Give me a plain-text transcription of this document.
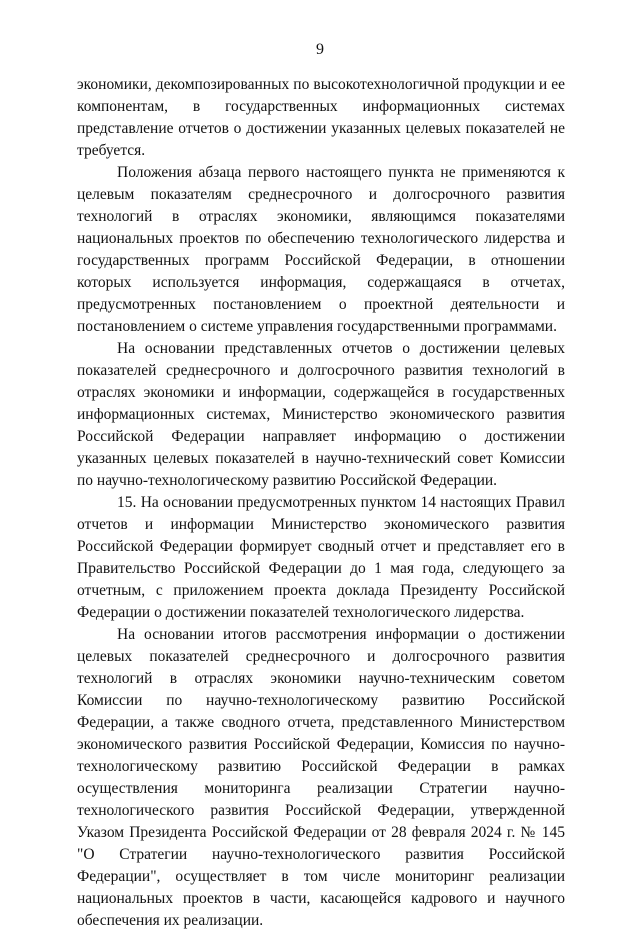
9

экономики, декомпозированных по высокотехнологичной продукции и ее компонентам, в государственных информационных системах представление отчетов о достижении указанных целевых показателей не требуется.

Положения абзаца первого настоящего пункта не применяются к целевым показателям среднесрочного и долгосрочного развития технологий в отраслях экономики, являющимся показателями национальных проектов по обеспечению технологического лидерства и государственных программ Российской Федерации, в отношении которых используется информация, содержащаяся в отчетах, предусмотренных постановлением о проектной деятельности и постановлением о системе управления государственными программами.

На основании представленных отчетов о достижении целевых показателей среднесрочного и долгосрочного развития технологий в отраслях экономики и информации, содержащейся в государственных информационных системах, Министерство экономического развития Российской Федерации направляет информацию о достижении указанных целевых показателей в научно-технический совет Комиссии по научно-технологическому развитию Российской Федерации.

15. На основании предусмотренных пунктом 14 настоящих Правил отчетов и информации Министерство экономического развития Российской Федерации формирует сводный отчет и представляет его в Правительство Российской Федерации до 1 мая года, следующего за отчетным, с приложением проекта доклада Президенту Российской Федерации о достижении показателей технологического лидерства.

На основании итогов рассмотрения информации о достижении целевых показателей среднесрочного и долгосрочного развития технологий в отраслях экономики научно-техническим советом Комиссии по научно-технологическому развитию Российской Федерации, а также сводного отчета, представленного Министерством экономического развития Российской Федерации, Комиссия по научно-технологическому развитию Российской Федерации в рамках осуществления мониторинга реализации Стратегии научно-технологического развития Российской Федерации, утвержденной Указом Президента Российской Федерации от 28 февраля 2024 г. № 145 "О Стратегии научно-технологического развития Российской Федерации", осуществляет в том числе мониторинг реализации национальных проектов в части, касающейся кадрового и научного обеспечения их реализации.
